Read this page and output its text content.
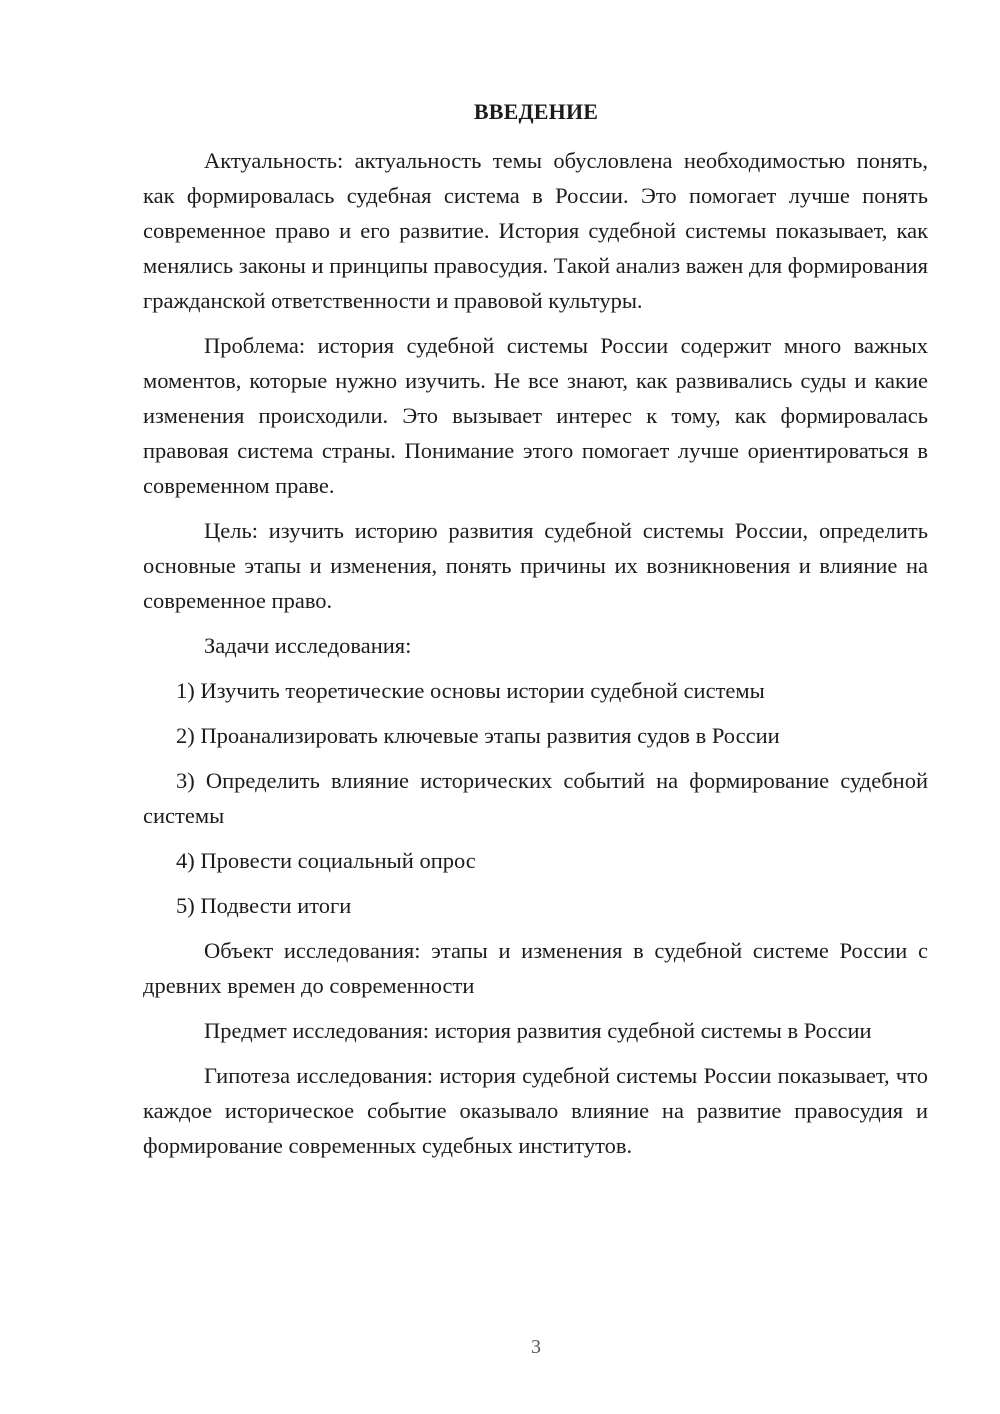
ВВЕДЕНИЕ

Актуальность: актуальность темы обусловлена необходимостью понять, как формировалась судебная система в России. Это помогает лучше понять современное право и его развитие. История судебной системы показывает, как менялись законы и принципы правосудия. Такой анализ важен для формирования гражданской ответственности и правовой культуры.

Проблема: история судебной системы России содержит много важных моментов, которые нужно изучить. Не все знают, как развивались суды и какие изменения происходили. Это вызывает интерес к тому, как формировалась правовая система страны. Понимание этого помогает лучше ориентироваться в современном праве.

Цель: изучить историю развития судебной системы России, определить основные этапы и изменения, понять причины их возникновения и влияние на современное право.

Задачи исследования:

1) Изучить теоретические основы истории судебной системы

2) Проанализировать ключевые этапы развития судов в России

3) Определить влияние исторических событий на формирование судебной системы

4) Провести социальный опрос

5) Подвести итоги

Объект исследования: этапы и изменения в судебной системе России с древних времен до современности

Предмет исследования: история развития судебной системы в России

Гипотеза исследования: история судебной системы России показывает, что каждое историческое событие оказывало влияние на развитие правосудия и формирование современных судебных институтов.

3
